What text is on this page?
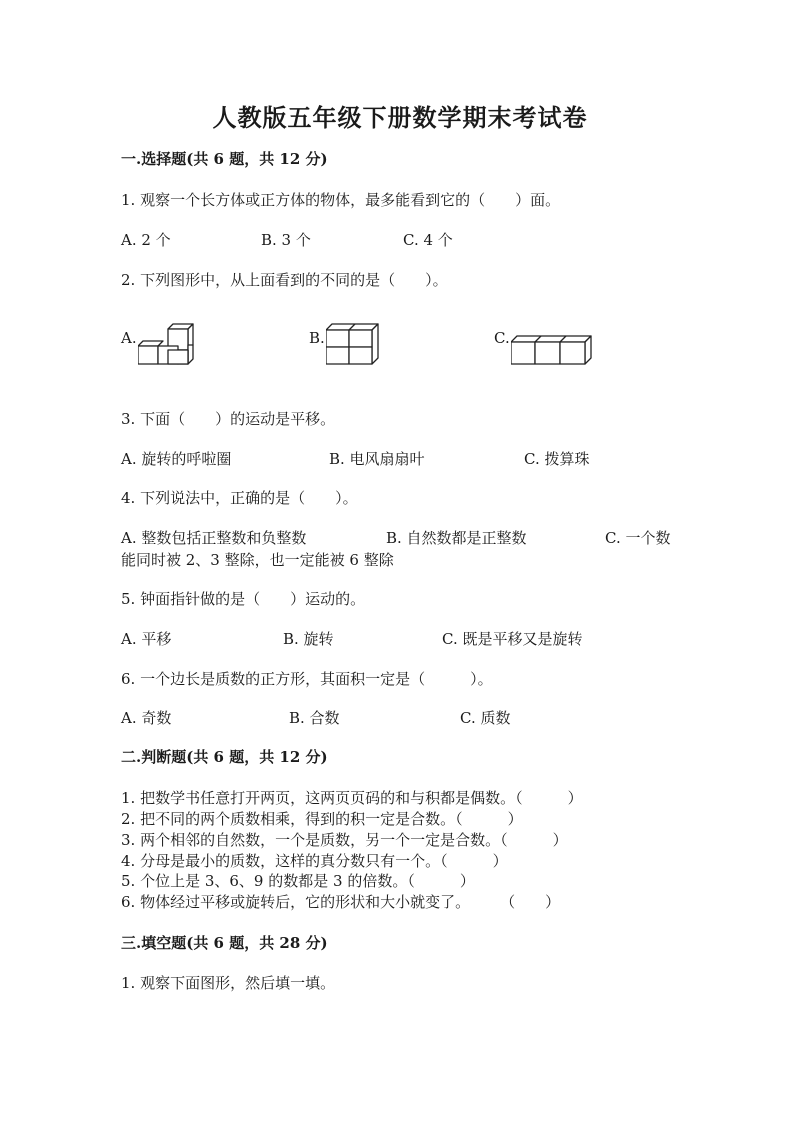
人教版五年级下册数学期末考试卷
一.选择题(共 6 题，共 12 分)
1. 观察一个长方体或正方体的物体，最多能看到它的（　　）面。
A. 2 个	B. 3 个	C. 4 个
2. 下列图形中，从上面看到的不同的是（　　）。
A.	B.	C.
3. 下面（　　）的运动是平移。
A. 旋转的呼啦圈	B. 电风扇扇叶	C. 拨算珠
4. 下列说法中，正确的是（　　）。
A. 整数包括正整数和负整数	B. 自然数都是正整数	C. 一个数
能同时被 2、3 整除，也一定能被 6 整除
5. 钟面指针做的是（　　）运动的。
A. 平移	B. 旋转	C. 既是平移又是旋转
6. 一个边长是质数的正方形，其面积一定是（　　　）。
A. 奇数	B. 合数	C. 质数
二.判断题(共 6 题，共 12 分)
1. 把数学书任意打开两页，这两页页码的和与积都是偶数。（　　　）
2. 把不同的两个质数相乘，得到的积一定是合数。（　　　）
3. 两个相邻的自然数，一个是质数，另一个一定是合数。（　　　）
4. 分母是最小的质数，这样的真分数只有一个。（　　　）
5. 个位上是 3、6、9 的数都是 3 的倍数。（　　　）
6. 物体经过平移或旋转后，它的形状和大小就变了。　　　（　　）
三.填空题(共 6 题，共 28 分)
1. 观察下面图形，然后填一填。
